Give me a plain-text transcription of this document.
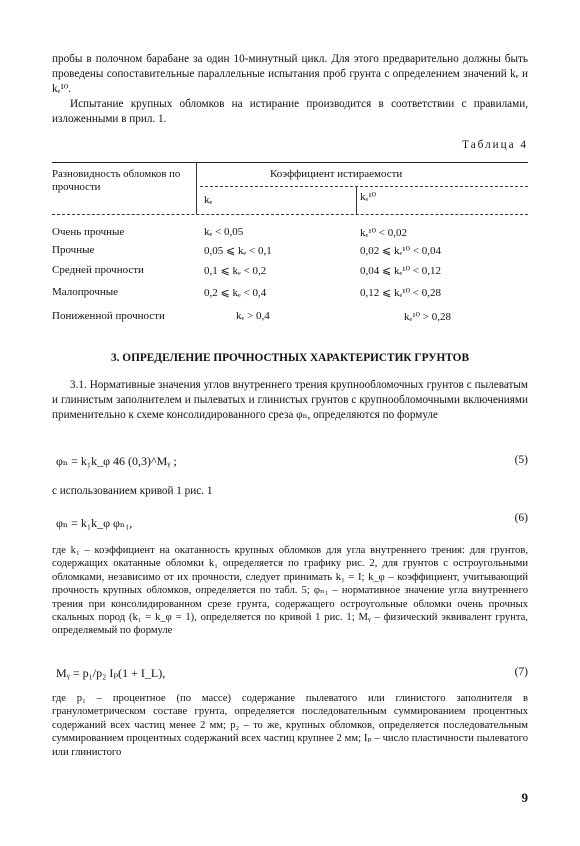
пробы в полочном барабане за один 10-минутный цикл. Для этого предварительно должны быть проведены сопоставительные параллельные испытания проб грунта с определением значений kₑ и kₑ¹⁰.
Испытание крупных обломков на истирание производится в соответствии с правилами, изложенными в прил. 1.
Таблица 4
Разновидность обломков по прочности
Коэффициент истираемости
kₑ	kₑ¹⁰
Очень прочные	kₑ < 0,05	kₑ¹⁰ < 0,02
Прочные	0,05 ⩽ kₑ < 0,1	0,02 ⩽ kₑ¹⁰ < 0,04
Средней прочности	0,1 ⩽ kₑ < 0,2	0,04 ⩽ kₑ¹⁰ < 0,12
Малопрочные	0,2 ⩽ kₑ < 0,4	0,12 ⩽ kₑ¹⁰ < 0,28
Пониженной прочности	kₑ > 0,4	kₑ¹⁰ > 0,28
3. ОПРЕДЕЛЕНИЕ ПРОЧНОСТНЫХ ХАРАКТЕРИСТИК ГРУНТОВ
3.1. Нормативные значения углов внутреннего трения крупнообломочных грунтов с пылеватым и глинистым заполнителем и пылеватых и глинистых грунтов с крупнообломочными включениями применительно к схеме консолидированного среза φₙ, определяются по формуле
φₙ = k₁k_φ 46 (0,3)^Mᵧ ;	(5)
с использованием кривой 1 рис. 1
φₙ = k₁k_φ φₙ₁,	(6)
где k₁ – коэффициент на окатанность крупных обломков для угла внутреннего трения: для грунтов, содержащих окатанные обломки k₁ определяется по графику рис. 2, для грунтов с остроугольными обломками, независимо от их прочности, следует принимать k₁ = I; k_φ – коэффициент, учитывающий прочность крупных обломков, определяется по табл. 5; φₙ₁ – нормативное значение угла внутреннего трения при консолидированном срезе грунта, содержащего остроугольные обломки очень прочных скальных пород (k₁ = k_φ = 1), определяется по кривой 1 рис. 1; Mᵧ – физический эквивалент грунта, определяемый по формуле
Mᵧ = p₁/p₂ Iₚ(1 + I_L),	(7)
где p₁ – процентное (по массе) содержание пылеватого или глинистого заполнителя в гранулометрическом составе грунта, определяется последовательным суммированием процентных содержаний всех частиц менее 2 мм; p₂ – то же, крупных обломков, определяется последовательным суммированием процентных содержаний всех частиц крупнее 2 мм; Iₚ – число пластичности пылеватого или глинистого
9
